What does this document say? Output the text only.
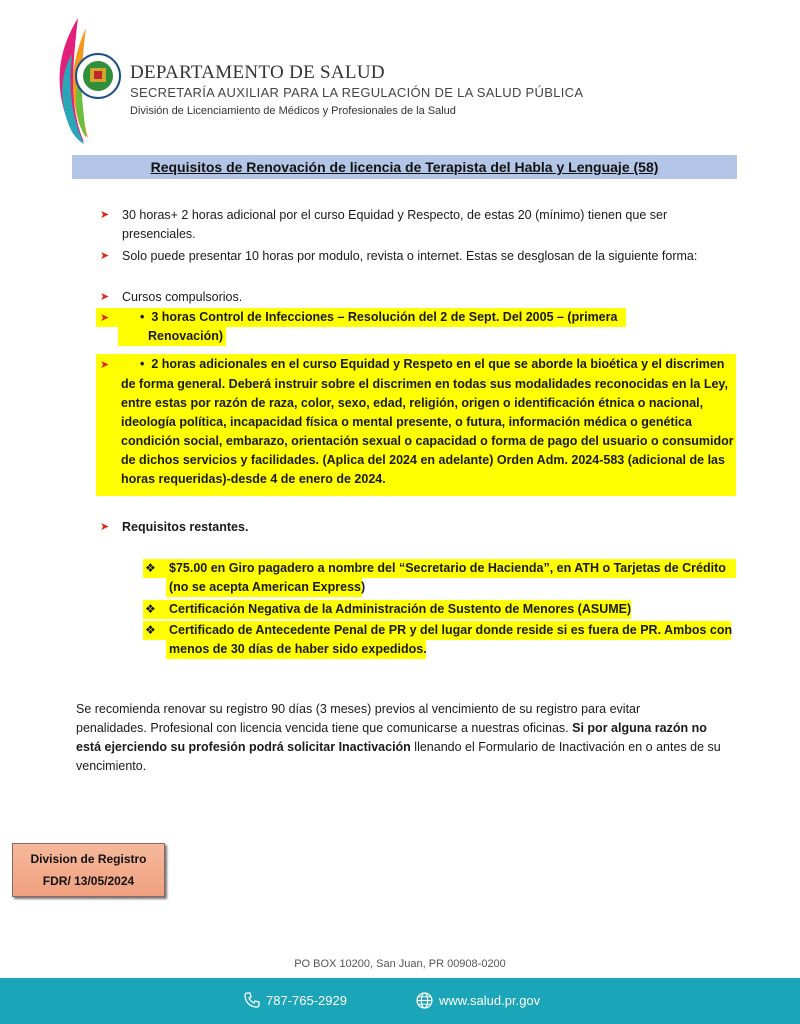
DEPARTAMENTO DE SALUD
SECRETARÍA AUXILIAR PARA LA REGULACIÓN DE LA SALUD PÚBLICA
División de Licenciamiento de Médicos y Profesionales de la Salud
Requisitos de Renovación de licencia de Terapista del Habla y Lenguaje (58)
➤	30 horas+ 2 horas adicional por el curso Equidad y Respecto, de estas 20 (mínimo) tienen que ser
presenciales.
➤	Solo puede presentar 10 horas por modulo, revista o internet. Estas se desglosan de la siguiente forma:
➤	Cursos compulsorios.
➤ •  3 horas Control de Infecciones – Resolución del 2 de Sept. Del 2005 – (primera
Renovación)
➤ •  2 horas adicionales en el curso Equidad y Respeto en el que se aborde la bioética y el discrimen
de forma general. Deberá instruir sobre el discrimen en todas sus modalidades reconocidas en la Ley,
entre estas por razón de raza, color, sexo, edad, religión, origen o identificación étnica o nacional,
ideología política, incapacidad física o mental presente, o futura, información médica o genética
condición social, embarazo, orientación sexual o capacidad o forma de pago del usuario o consumidor
de dichos servicios y facilidades. (Aplica del 2024 en adelante) Orden Adm. 2024-583 (adicional de las
horas requeridas)-desde 4 de enero de 2024.
➤	Requisitos restantes.
❖ $75.00 en Giro pagadero a nombre del “Secretario de Hacienda”, en ATH o Tarjetas de Crédito
(no se acepta American Express)
❖ Certificación Negativa de la Administración de Sustento de Menores (ASUME)
❖ Certificado de Antecedente Penal de PR y del lugar donde reside si es fuera de PR. Ambos con
menos de 30 días de haber sido expedidos.
Se recomienda renovar su registro 90 días (3 meses) previos al vencimiento de su registro para evitar
penalidades. Profesional con licencia vencida tiene que comunicarse a nuestras oficinas. Si por alguna razón no
está ejerciendo su profesión podrá solicitar Inactivación llenando el Formulario de Inactivación en o antes de su
vencimiento.
Division de Registro
FDR/ 13/05/2024
PO BOX 10200, San Juan, PR 00908-0200
787-765-2929	www.salud.pr.gov
